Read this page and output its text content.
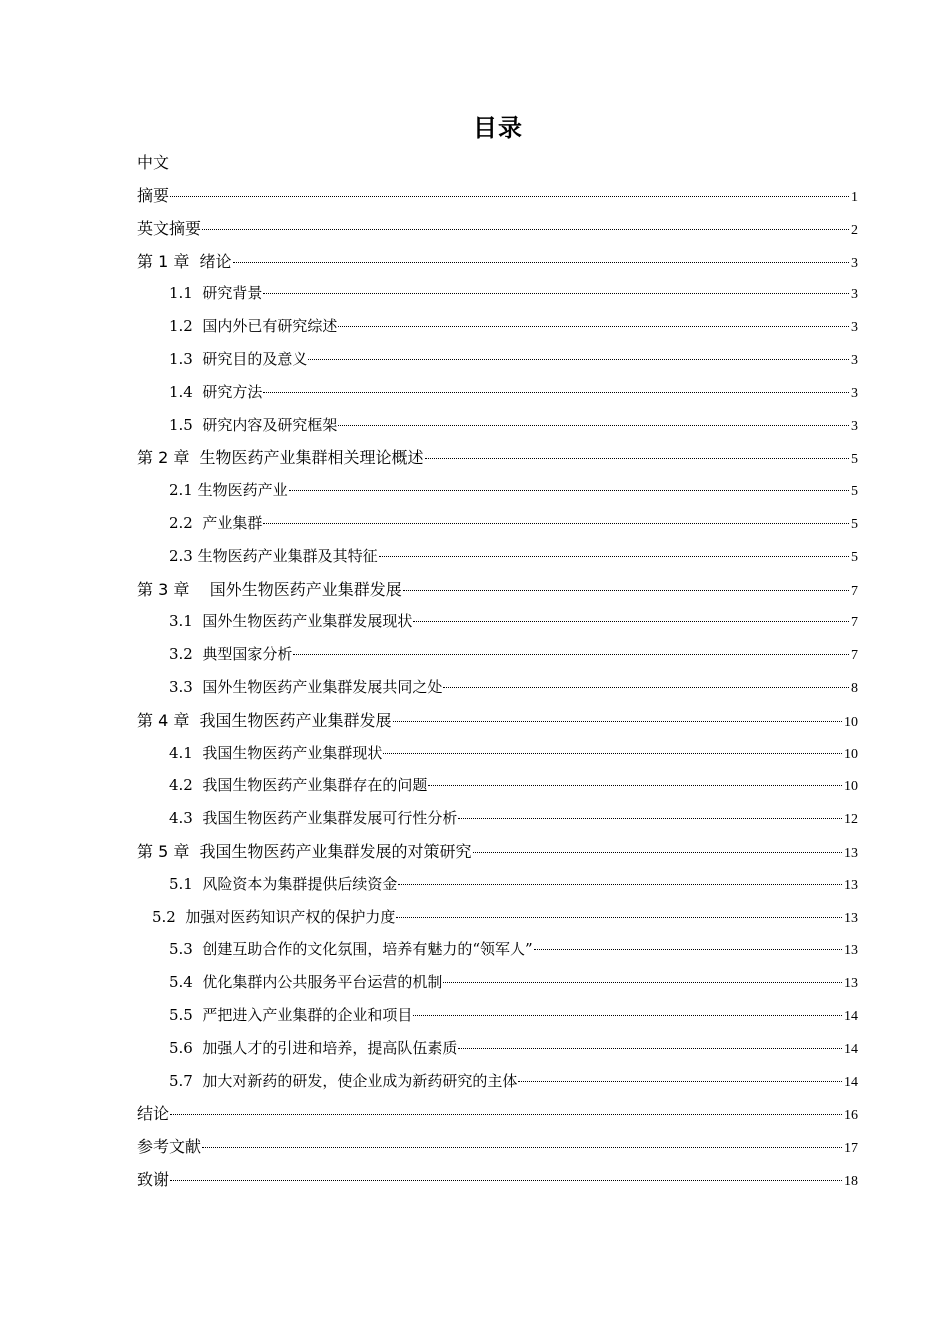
目录
中文
摘要	1
英文摘要	2
第 1 章  绪论	3
1.1  研究背景	3
1.2  国内外已有研究综述	3
1.3  研究目的及意义	3
1.4  研究方法	3
1.5  研究内容及研究框架	3
第 2 章  生物医药产业集群相关理论概述	5
2.1 生物医药产业	5
2.2  产业集群	5
2.3 生物医药产业集群及其特征	5
第 3 章    国外生物医药产业集群发展	7
3.1  国外生物医药产业集群发展现状	7
3.2  典型国家分析	7
3.3  国外生物医药产业集群发展共同之处	8
第 4 章  我国生物医药产业集群发展	10
4.1  我国生物医药产业集群现状	10
4.2  我国生物医药产业集群存在的问题	10
4.3  我国生物医药产业集群发展可行性分析	12
第 5 章  我国生物医药产业集群发展的对策研究	13
5.1  风险资本为集群提供后续资金	13
5.2  加强对医药知识产权的保护力度	13
5.3  创建互助合作的文化氛围，培养有魅力的“领军人”	13
5.4  优化集群内公共服务平台运营的机制	13
5.5  严把进入产业集群的企业和项目	14
5.6  加强人才的引进和培养，提高队伍素质	14
5.7  加大对新药的研发，使企业成为新药研究的主体	14
结论	16
参考文献	17
致谢	18
